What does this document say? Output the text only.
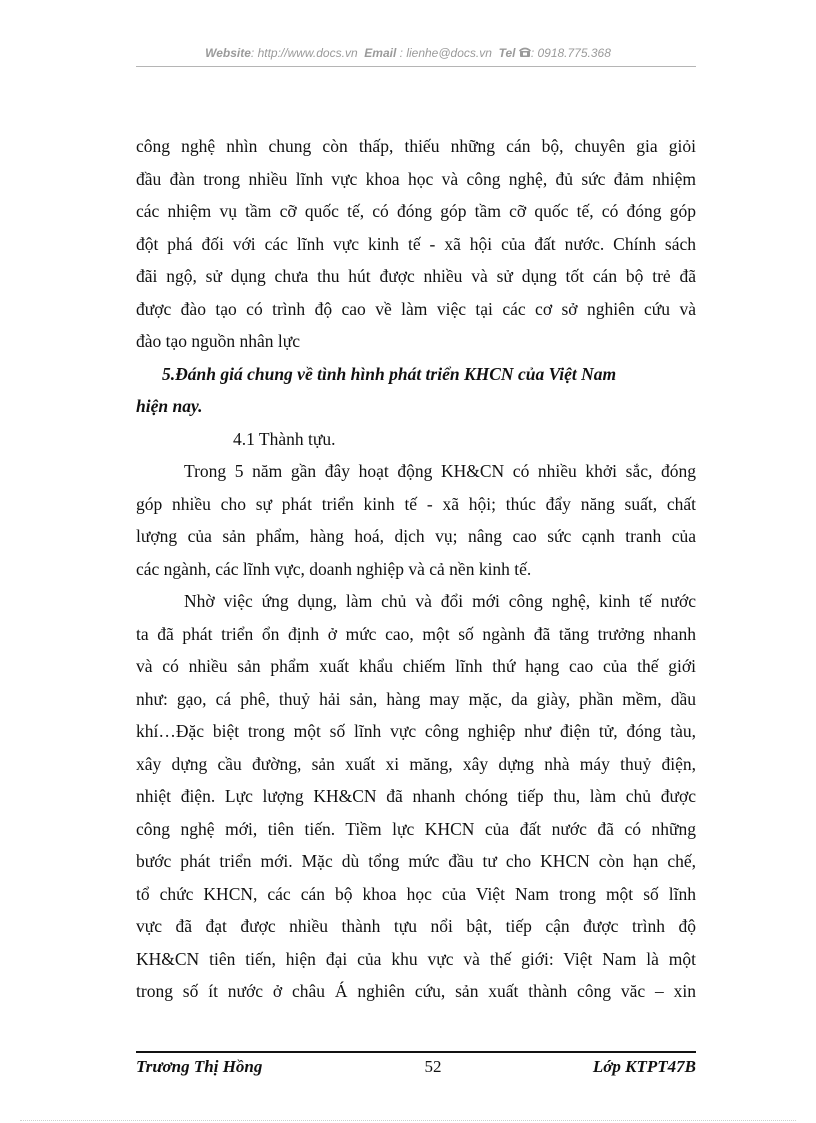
Website: http://www.docs.vn Email : lienhe@docs.vn Tel : 0918.775.368
công nghệ nhìn chung còn thấp, thiếu những cán bộ, chuyên gia giỏi
đầu đàn trong nhiều lĩnh vực khoa học và công nghệ, đủ sức đảm nhiệm
các nhiệm vụ tầm cỡ quốc tế, có đóng góp tầm cỡ quốc tế, có đóng góp
đột phá đối với các lĩnh vực kinh tế - xã hội của đất nước. Chính sách
đãi ngộ, sử dụng chưa thu hút được nhiều và sử dụng tốt cán bộ trẻ đã
được đào tạo có trình độ cao về làm việc tại các cơ sở nghiên cứu và
đào tạo nguồn nhân lực
5.Đánh giá chung về tình hình phát triển KHCN của Việt Nam
hiện nay.
4.1 Thành tựu.
Trong 5 năm gần đây hoạt động KH&CN có nhiều khởi sắc, đóng
góp nhiều cho sự phát triển kinh tế - xã hội; thúc đẩy năng suất, chất
lượng của sản phẩm, hàng hoá, dịch vụ; nâng cao sức cạnh tranh của
các ngành, các lĩnh vực, doanh nghiệp và cả nền kinh tế.
Nhờ việc ứng dụng, làm chủ và đổi mới công nghệ, kinh tế nước
ta đã phát triển ổn định ở mức cao, một số ngành đã tăng trưởng nhanh
và có nhiều sản phẩm xuất khẩu chiếm lĩnh thứ hạng cao của thế giới
như: gạo, cá phê, thuỷ hải sản, hàng may mặc, da giày, phần mềm, dầu
khí…Đặc biệt trong một số lĩnh vực công nghiệp như điện tử, đóng tàu,
xây dựng cầu đường, sản xuất xi măng, xây dựng nhà máy thuỷ điện,
nhiệt điện. Lực lượng KH&CN đã nhanh chóng tiếp thu, làm chủ được
công nghệ mới, tiên tiến. Tiềm lực KHCN của đất nước đã có những
bước phát triển mới. Mặc dù tổng mức đầu tư cho KHCN còn hạn chế,
tổ chức KHCN, các cán bộ khoa học của Việt Nam trong một số lĩnh
vực đã đạt được nhiều thành tựu nổi bật, tiếp cận được trình độ
KH&CN tiên tiến, hiện đại của khu vực và thế giới: Việt Nam là một
trong số ít nước ở châu Á nghiên cứu, sản xuất thành công văc – xin
Trương Thị Hồng	52	Lớp KTPT47B
